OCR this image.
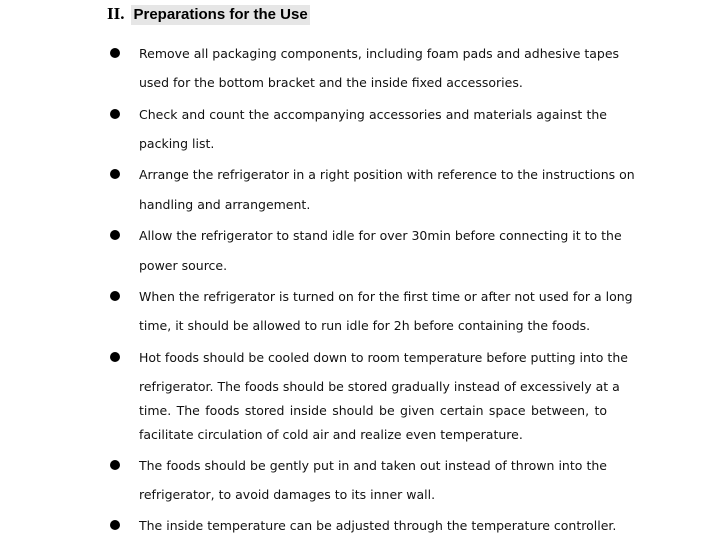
II. Preparations for the Use
Remove all packaging components, including foam pads and adhesive tapes
used for the bottom bracket and the inside fixed accessories.
Check and count the accompanying accessories and materials against the
packing list.
Arrange the refrigerator in a right position with reference to the instructions on
handling and arrangement.
Allow the refrigerator to stand idle for over 30min before connecting it to the
power source.
When the refrigerator is turned on for the first time or after not used for a long
time, it should be allowed to run idle for 2h before containing the foods.
Hot foods should be cooled down to room temperature before putting into the
refrigerator. The foods should be stored gradually instead of excessively at a
time. The foods stored inside should be given certain space between, to
facilitate circulation of cold air and realize even temperature.
The foods should be gently put in and taken out instead of thrown into the
refrigerator, to avoid damages to its inner wall.
The inside temperature can be adjusted through the temperature controller.
